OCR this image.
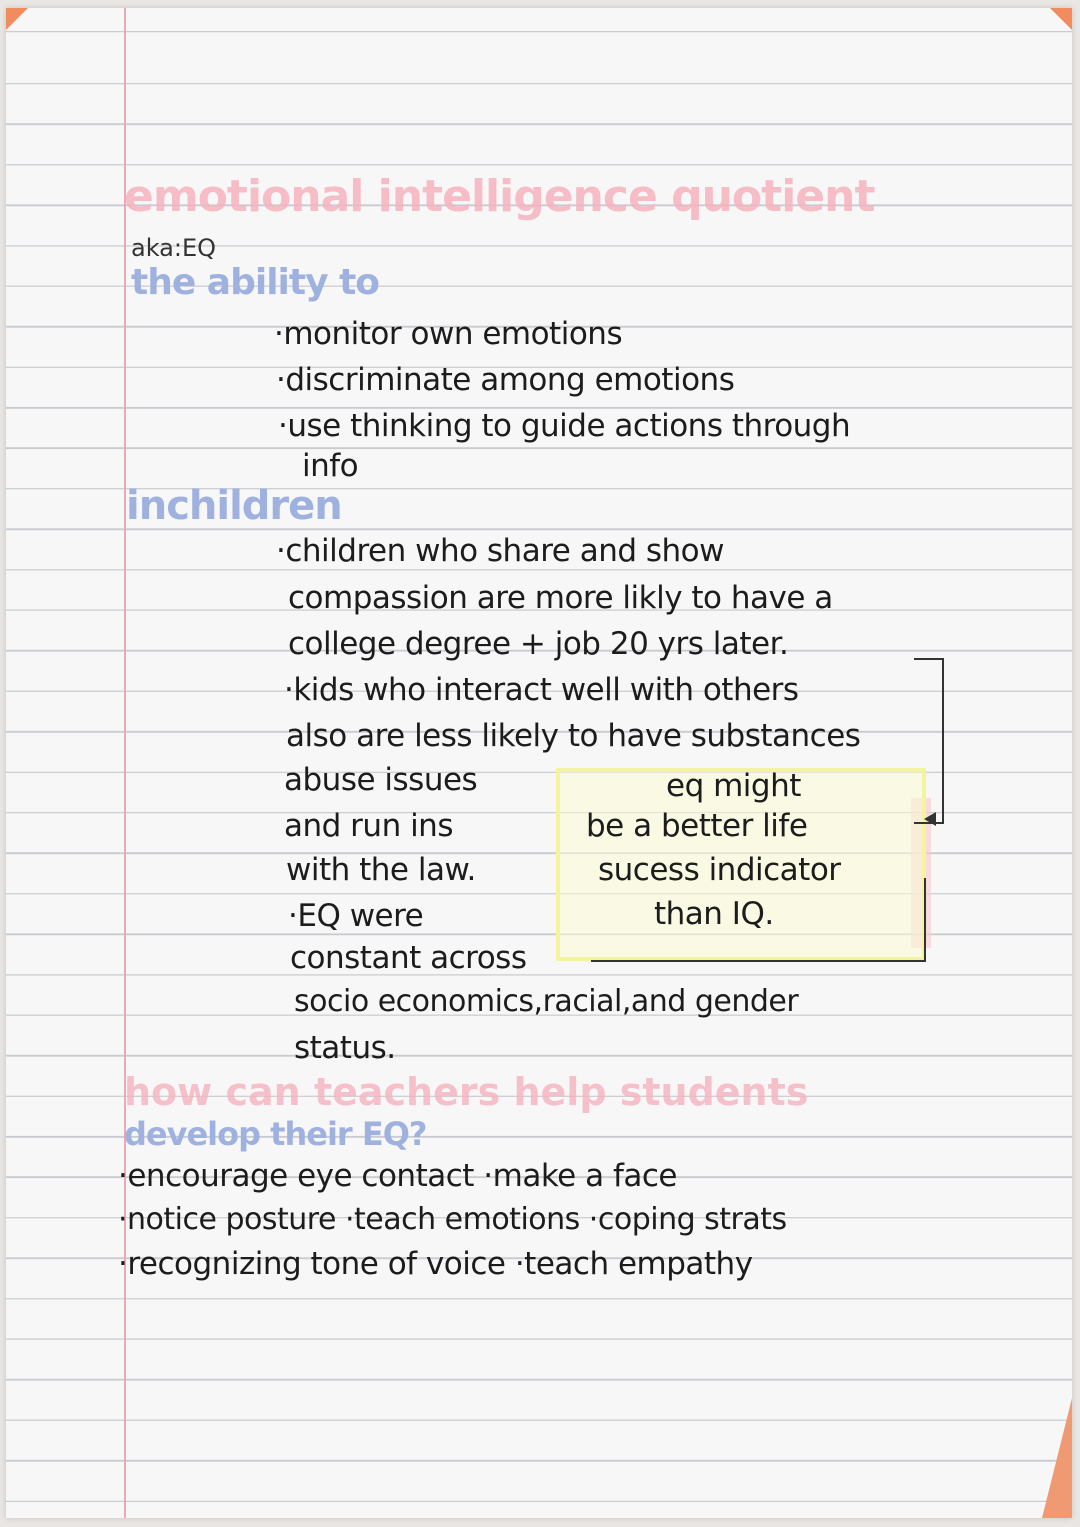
emotional intelligence quotient
aka:EQ
the ability to
·monitor own emotions
·discriminate among emotions
·use thinking to guide actions through
info
inchildren
·children who share and show
compassion are more likly to have a
college degree + job 20 yrs later.
·kids who interact well with others
also are less likely to have substances
abuse issues
and run ins
with the law.
·EQ were
constant across
socio economics,racial,and gender
status.
eq might
be a better life
sucess indicator
than IQ.
how can teachers help students
develop their EQ?
·encourage eye contact ·make a face
·notice posture ·teach emotions ·coping strats
·recognizing tone of voice ·teach empathy
